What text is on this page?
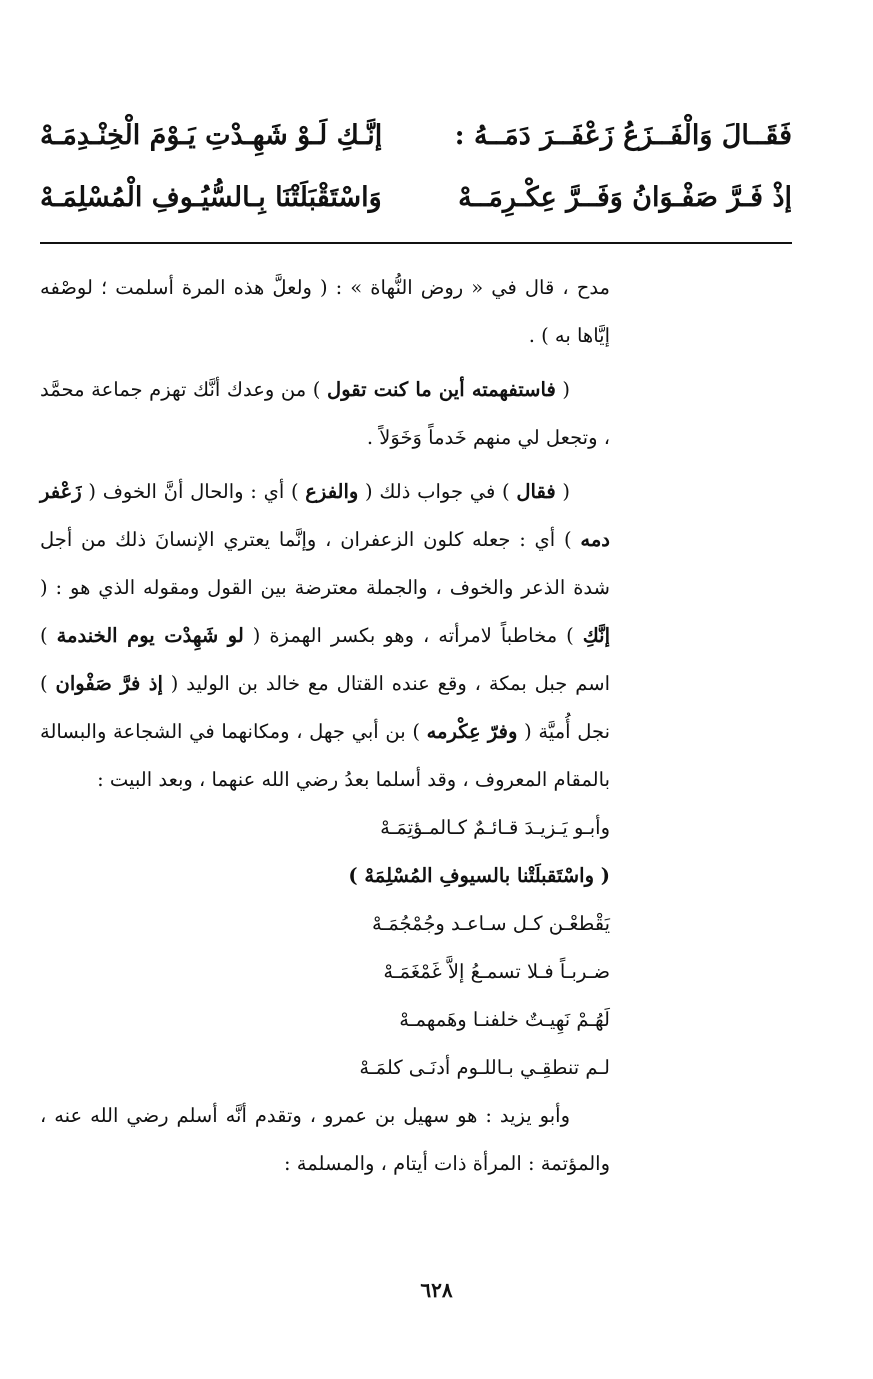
فَقَــالَ وَالْفَــزَعُ زَعْفَــرَ دَمَــهُ :
إنَّـكِ لَـوْ شَهِـدْتِ يَـوْمَ الْخِنْـدِمَـهْ
إذْ فَـرَّ صَفْـوَانُ وَفَــرَّ عِكْـرِمَــهْ
وَاسْتَقْبَلَتْنَا بِـالسُّيُـوفِ الْمُسْلِمَـهْ

مدح ، قال في « روض النُّهاة » : ( ولعلَّ هذه المرة أسلمت ؛ لوصْفه إيَّاها به ) .

( فاستفهمته أين ما كنت تقول ) من وعدك أنَّك تهزم جماعة محمَّد ، وتجعل لي منهم خَدماً وَخَوَلاً .

( فقال ) في جواب ذلك ( والفزع ) أي : والحال أنَّ الخوف ( زَعْفر دمه ) أي : جعله كلون الزعفران ، وإنَّما يعتري الإنسانَ ذلك من أجل شدة الذعر والخوف ، والجملة معترضة بين القول ومقوله الذي هو : ( إنَّكِ ) مخاطباً لامرأته ، وهو بكسر الهمزة ( لو شَهِدْت يوم الخندمة ) اسم جبل بمكة ، وقع عنده القتال مع خالد بن الوليد ( إذ فرَّ صَفْوان ) نجل أُميَّة ( وفرّ عِكْرمه ) بن أبي جهل ، ومكانهما في الشجاعة والبسالة بالمقام المعروف ، وقد أسلما بعدُ رضي الله عنهما ، وبعد البيت :

وأبـو يَـزيـدَ قـائـمٌ كـالمـؤتِمَـهْ

( واسْتَقبلَتْنا بالسيوفِ المُسْلِمَهْ )

يَقْطعْـن كـل سـاعـد وجُمْجُمَـهْ

ضـربـاً فـلا تسمـعُ إلاَّ غَمْغَمَـهْ

لَهُـمْ نَهِيـتٌ خلفنـا وهَمهمـهْ

لـم تنطقِـي بـاللـوم أدنَـى كلمَـهْ

وأبو يزيد : هو سهيل بن عمرو ، وتقدم أنَّه أسلم رضي الله عنه ، والمؤتمة : المرأة ذات أيتام ، والمسلمة :

٦٢٨
